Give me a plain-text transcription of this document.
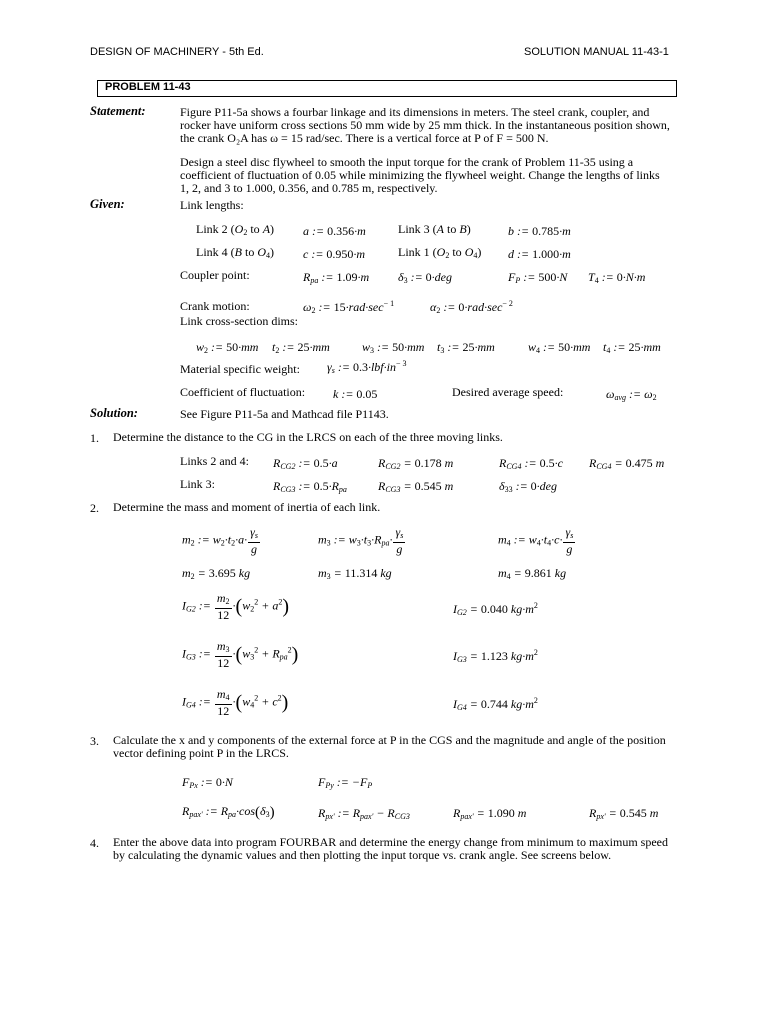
DESIGN OF MACHINERY - 5th Ed.	SOLUTION MANUAL 11-43-1
PROBLEM 11-43
Statement:	Figure P11-5a shows a fourbar linkage and its dimensions in meters. The steel crank, coupler, and rocker have uniform cross sections 50 mm wide by 25 mm thick. In the instantaneous position shown, the crank O₂A has ω = 15 rad/sec. There is a vertical force at P of F = 500 N.
Design a steel disc flywheel to smooth the input torque for the crank of Problem 11-35 using a coefficient of fluctuation of 0.05 while minimizing the flywheel weight. Change the lengths of links 1, 2, and 3 to 1.000, 0.356, and 0.785 m, respectively.
Given:	Link lengths:
Link 2 ($O_2$ to A) a := 0.356·m	Link 3 (A to B)	b := 0.785·m
Link 4 (B to $O_4$) c := 0.950·m	Link 1 ($O_2$ to $O_4$) d := 1.000·m
Coupler point:	$R_{pa}$ := 1.09·m $\delta_3$ := 0·deg	$F_P$ := 500·N $T_4$ := 0·N·m
Crank motion:	$\omega_2$ := $15\cdot rad\cdot\sec^{- 1}$	$\alpha_2$ := $0\cdot rad\cdot\sec^{- 2}$
Link cross-section dims:
$w_2$ := 50·mm $t_2$ := 25·mm	$w_3$ := 50·mm $t_3$ := 25·mm	$w_4$ := 50·mm $t_4$ := 25·mm
Material specific weight: $\gamma_s$ := $0.3\cdot lbf\cdot in^{- 3}$
Coefficient of fluctuation: k := 0.05	Desired average speed:	$\omega_{avg}$ := $\omega_2$
Solution:	See Figure P11-5a and Mathcad file P1143.
1. Determine the distance to the CG in the LRCS on each of the three moving links.
Links 2 and 4: $R_{CG2}$ := 0.5·a	$R_{CG2} = 0.178$ m	$R_{CG4}$ := 0.5·c $R_{CG4} = 0.475$ m
Link 3:	$R_{CG3}$ := $0.5\cdot R_{pa}$	$R_{CG3} = 0.545$ m	$\delta_{33}$ := 0·deg
2. Determine the mass and moment of inertia of each link.
$m_2$ := $w_2\cdot t_2\cdot a\cdot \frac{\gamma_s}{g}$	$m_3$ := $w_3\cdot t_3\cdot R_{pa}\cdot \frac{\gamma_s}{g}$	$m_4$ := $w_4\cdot t_4\cdot c\cdot \frac{\gamma_s}{g}$
$m_2 = 3.695$ kg	$m_3 = 11.314$ kg	$m_4 = 9.861$ kg
$I_{G2}$ := $\frac{m_2}{12} \cdot(w_2^2 + a^2)$	$I_{G2} = 0.040$ $kg\cdot m^2$
$I_{G3}$ := $\frac{m_3}{12} \cdot(w_3^2 + R_{pa}^2)$	$I_{G3} = 1.123$ $kg\cdot m^2$
$I_{G4}$ := $\frac{m_4}{12} \cdot(w_4^2 + c^2)$	$I_{G4} = 0.744$ $kg\cdot m^2$
3. Calculate the x and y components of the external force at P in the CGS and the magnitude and angle of the position vector defining point P in the LRCS.
$F_{Px}$ := 0·N	$F_{Py}$ := $-F_P$
$R_{pax'}$ := $R_{pa}\cdot\cos(\delta_3)$	$R_{px'}$ := $R_{pax'} - R_{CG3}$	$R_{pax'} = 1.090$ m	$R_{px'} = 0.545$ m
4. Enter the above data into program FOURBAR and determine the energy change from minimum to maximum speed by calculating the dynamic values and then plotting the input torque vs. crank angle. See screens below.
